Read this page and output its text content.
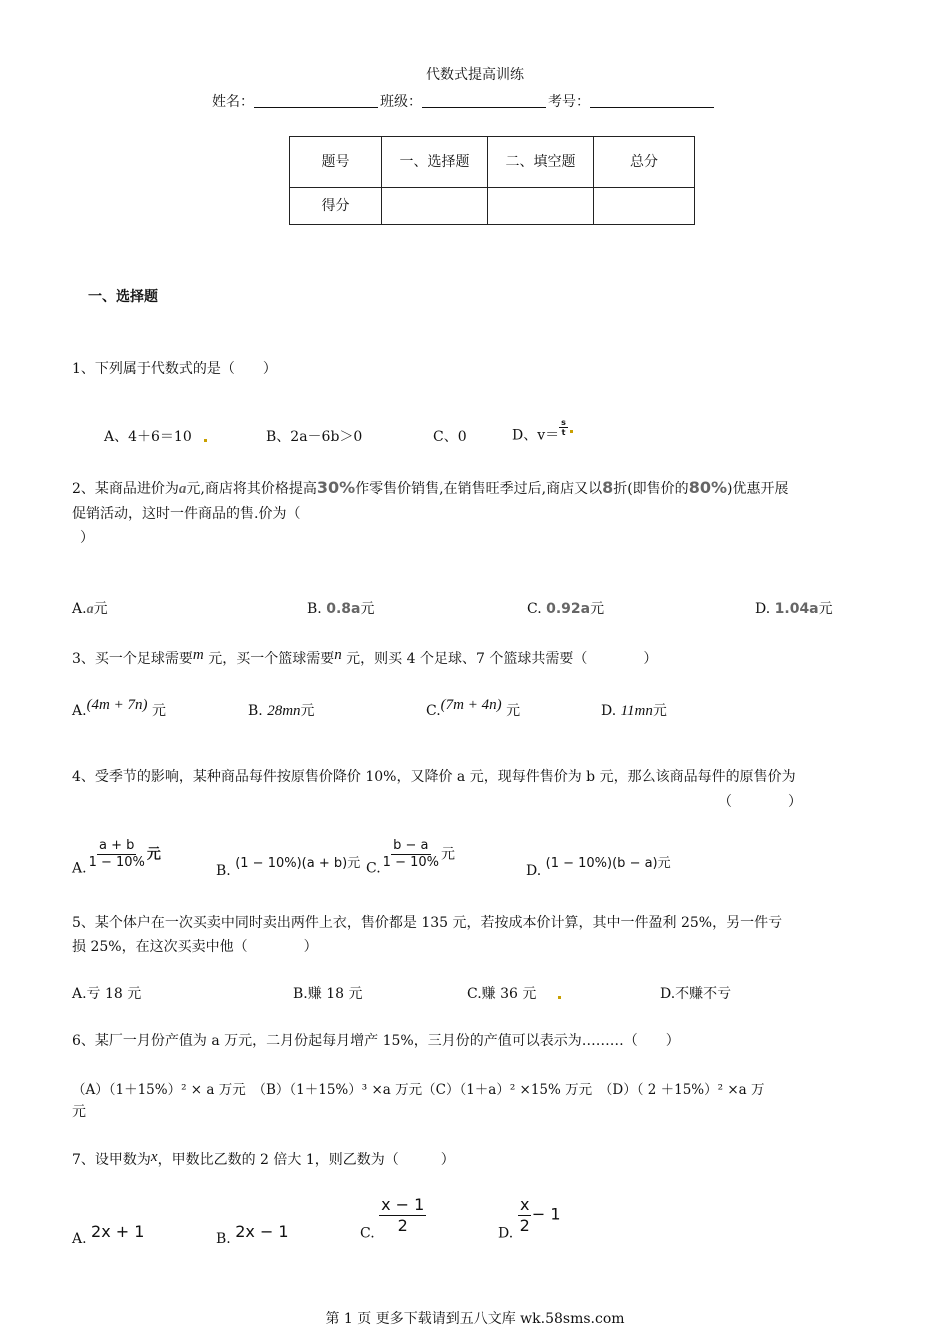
代数式提高训练
姓名：	班级：	考号：
题号	一、选择题	二、填空题	总分
得分			
一、选择题
1、下列属于代数式的是（　　）
A、4＋6＝10	B、2a－6b＞0	C、0	D、$v= \frac{s}{t}$
2、某商品进价为a元,商店将其价格提高30%作零售价销售,在销售旺季过后,商店又以8折(即售价的80%)优惠开展
促销活动，这时一件商品的售.价为（
）
A.a元	B. 0.8a元	C. 0.92a元	D. 1.04a元
3、买一个足球需要m 元，买一个篮球需要n 元，则买 4 个足球、7 个篮球共需要（　　　　）
A.(4m + 7n) 元	B. 28mn元	C.(7m + 4n) 元	D. 11mn元
4、受季节的影响，某种商品每件按原售价降价 10%，又降价 a 元，现每件售价为 b 元，那么该商品每件的原售价为
（　　　　）
A. $\frac{a + b}{1 - 10\%}$ 元
B. (1 − 10%)(a + b)元 C. $\frac{b - a}{1 - 10\%}$ 元
D. (1 − 10%)(b − a)元
5、某个体户在一次买卖中同时卖出两件上衣，售价都是 135 元，若按成本价计算，其中一件盈利 25%，另一件亏
损 25%，在这次买卖中他（　　　　）
A.亏 18 元	B.赚 18 元	C.赚 36 元	D.不赚不亏
6、某厂一月份产值为 a 万元，二月份起每月增产 15%，三月份的产值可以表示为………（　　）
（A）（1＋15%）² × a 万元　（B）（1＋15%）³ ×a 万元（C）（1＋a）² ×15% 万元　（D）（ 2 ＋15%）² ×a 万
元
7、设甲数为x，甲数比乙数的 2 倍大 1，则乙数为（　　　）
A. 2x + 1	B. 2x − 1	C. $\frac{x - 1}{2}$	D. $\frac{x}{2} - 1$
第 1 页 更多下载请到五八文库 wk.58sms.com
